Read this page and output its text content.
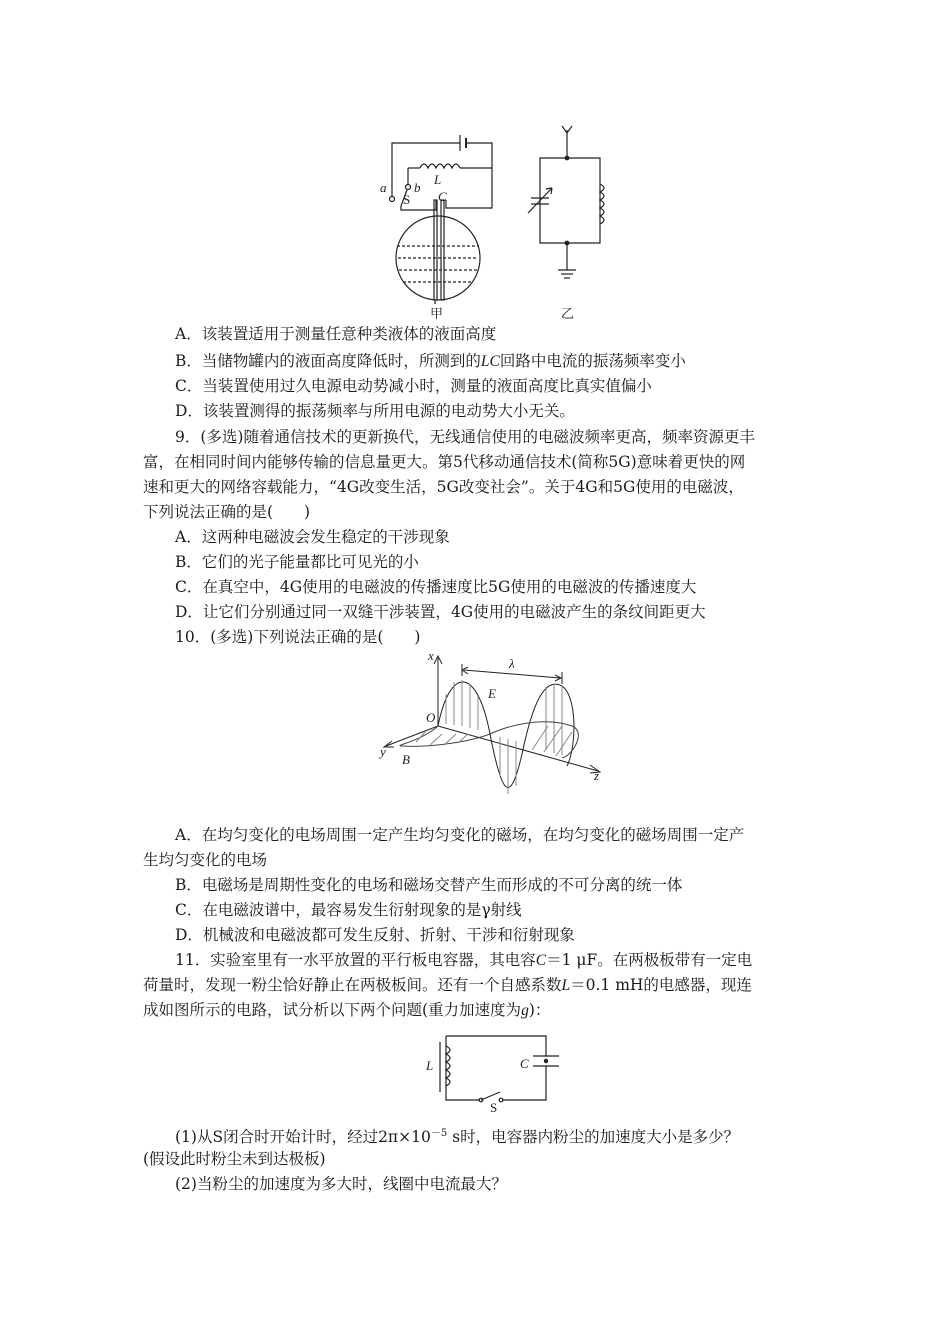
L
C
a b
S
甲	乙
A．该装置适用于测量任意种类液体的液面高度
B．当储物罐内的液面高度降低时，所测到的LC回路中电流的振荡频率变小
C．当装置使用过久电源电动势减小时，测量的液面高度比真实值偏小
D．该装置测得的振荡频率与所用电源的电动势大小无关。
9．(多选)随着通信技术的更新换代，无线通信使用的电磁波频率更高，频率资源更丰
富，在相同时间内能够传输的信息量更大。第5代移动通信技术(简称5G)意味着更快的网
速和更大的网络容载能力，“4G改变生活，5G改变社会”。关于4G和5G使用的电磁波，
下列说法正确的是(　　)
A．这两种电磁波会发生稳定的干涉现象
B．它们的光子能量都比可见光的小
C．在真空中，4G使用的电磁波的传播速度比5G使用的电磁波的传播速度大
D．让它们分别通过同一双缝干涉装置，4G使用的电磁波产生的条纹间距更大
10．(多选)下列说法正确的是(　　)
x
λ
E
O
y
B
z
A．在均匀变化的电场周围一定产生均匀变化的磁场，在均匀变化的磁场周围一定产
生均匀变化的电场
B．电磁场是周期性变化的电场和磁场交替产生而形成的不可分离的统一体
C．在电磁波谱中，最容易发生衍射现象的是γ射线
D．机械波和电磁波都可发生反射、折射、干涉和衍射现象
11．实验室里有一水平放置的平行板电容器，其电容C＝1 μF。在两极板带有一定电
荷量时，发现一粉尘恰好静止在两极板间。还有一个自感系数L＝0.1 mH的电感器，现连
成如图所示的电路，试分析以下两个问题(重力加速度为g)：
L	C
S
(1)从S闭合时开始计时，经过$2\pi\times 10^{-5}$ s时，电容器内粉尘的加速度大小是多少？
(假设此时粉尘未到达极板)
(2)当粉尘的加速度为多大时，线圈中电流最大？
